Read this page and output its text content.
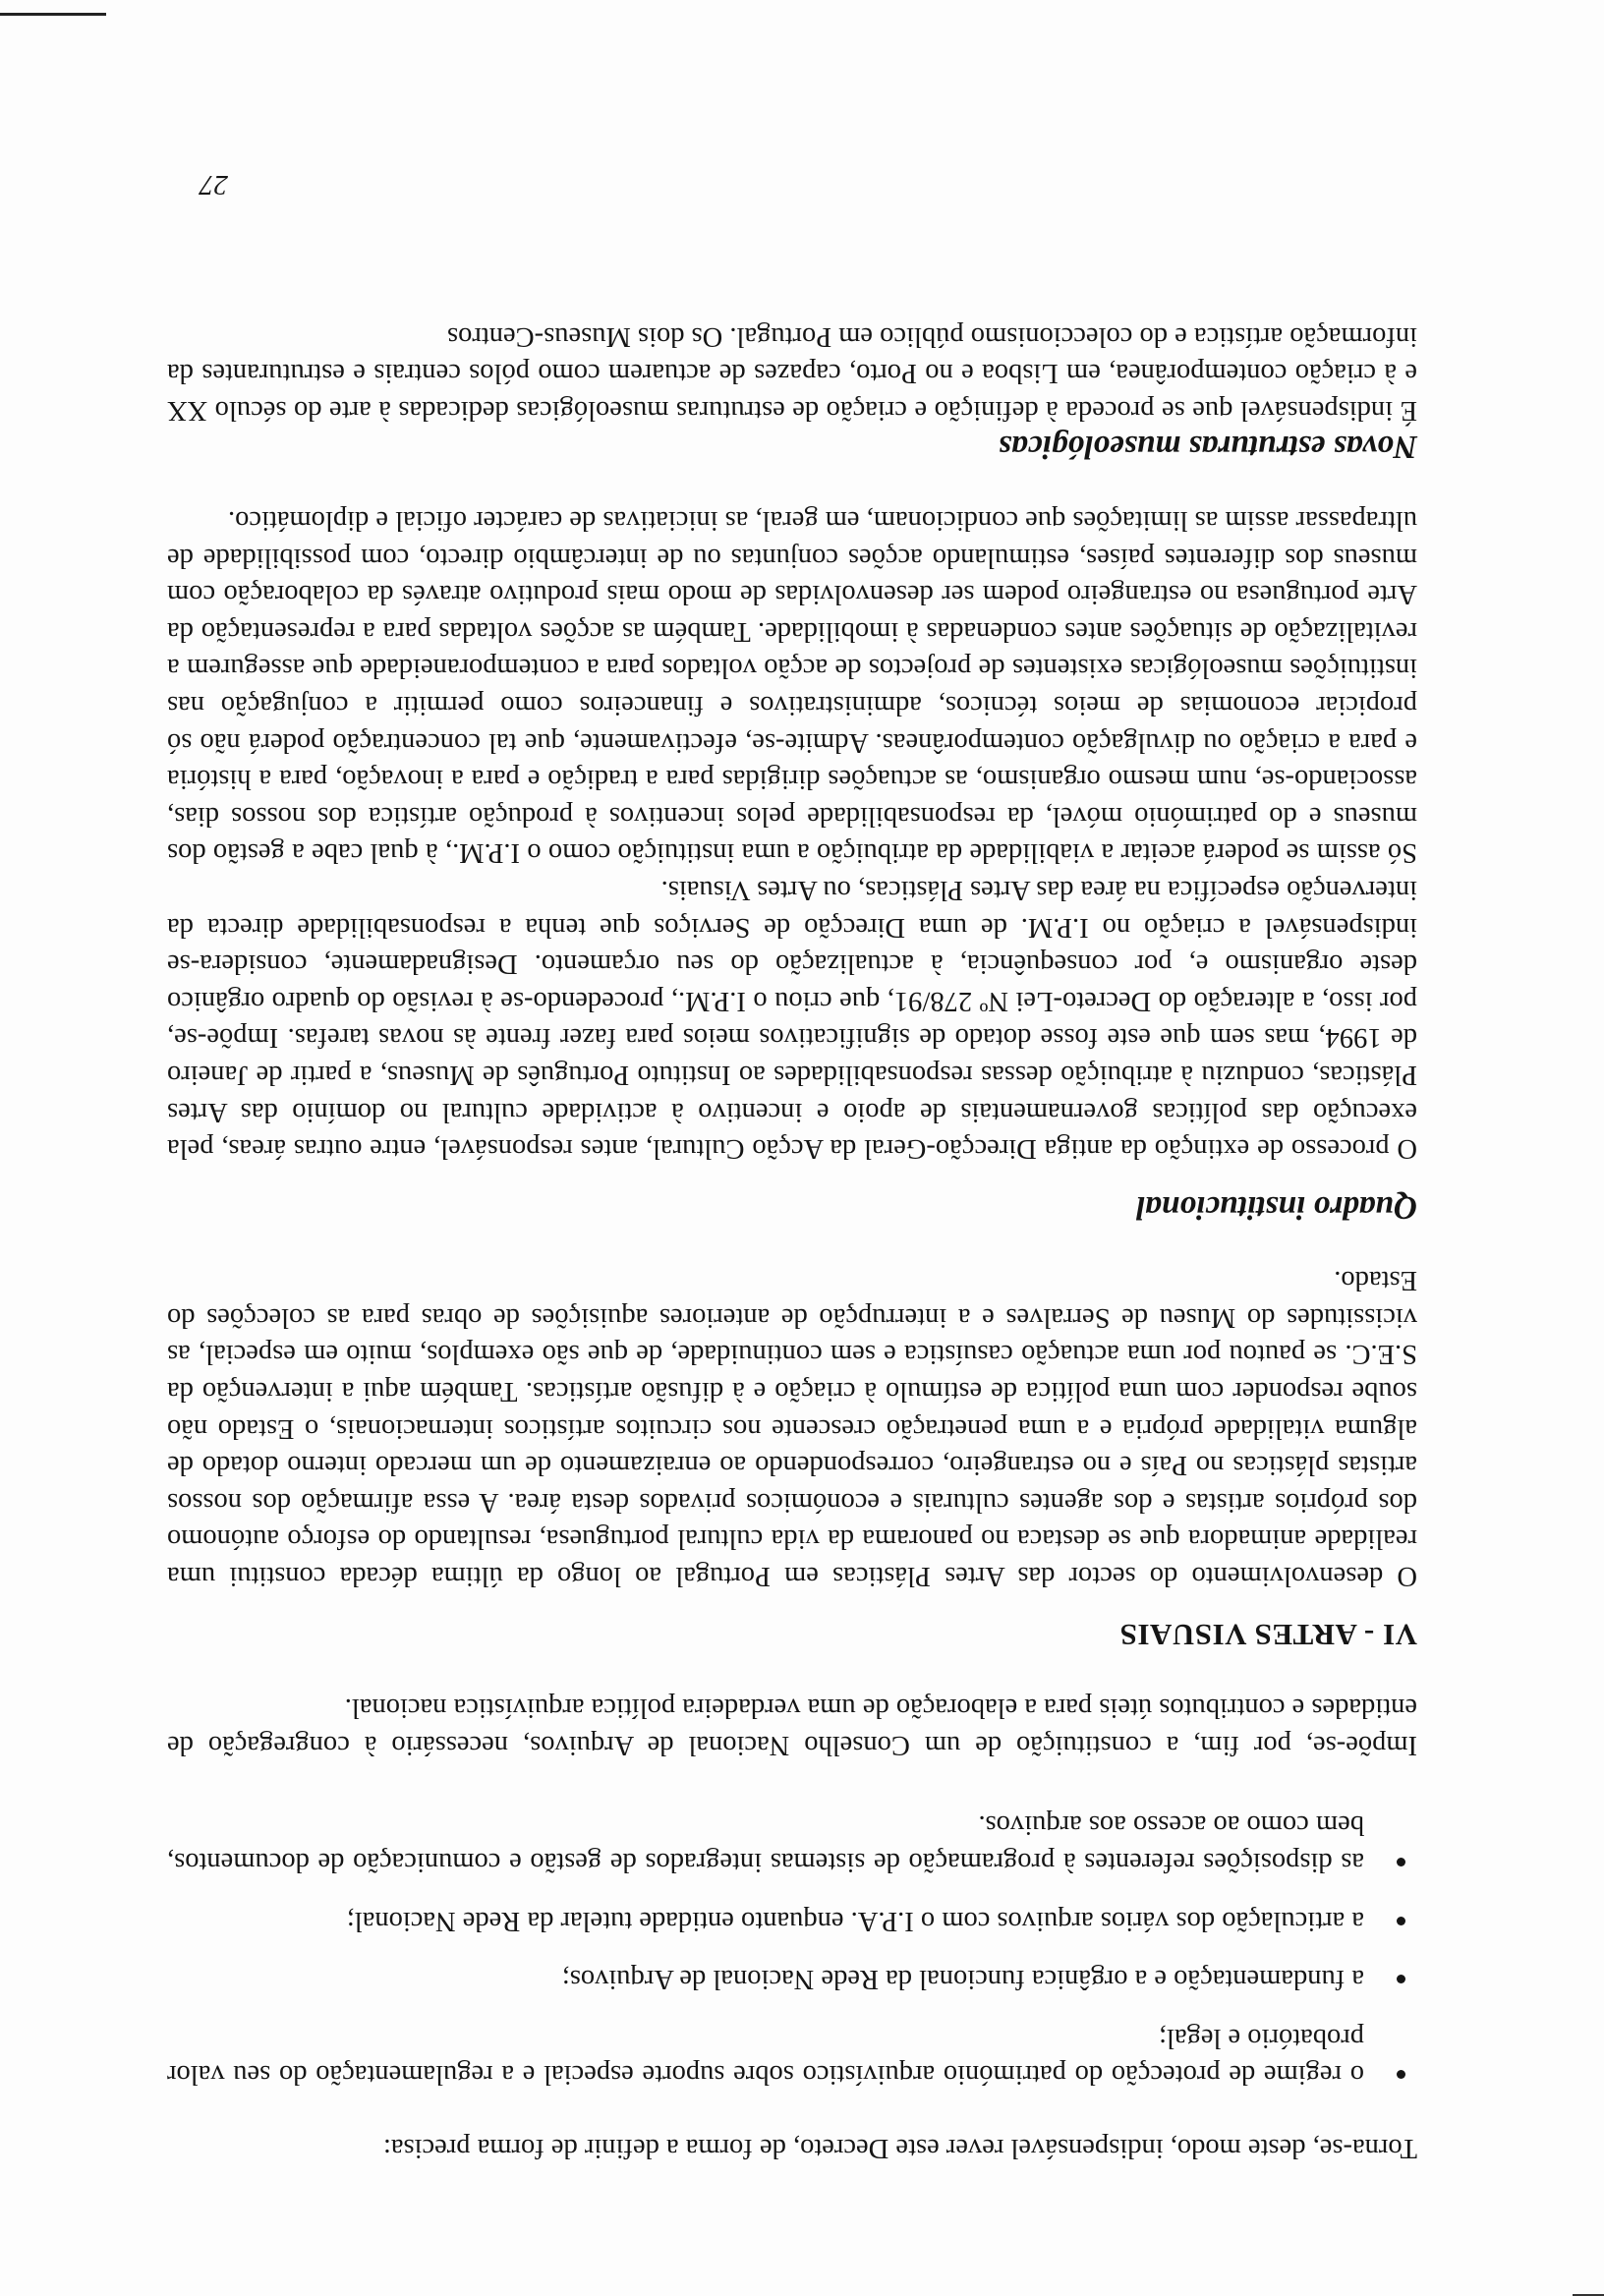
Torna-se, deste modo, indispensável rever este Decreto, de forma a definir de forma precisa:

o regime de protecção do património arquivístico sobre suporte especial e a regulamentação do seu valor probatório e legal;
a fundamentação e a orgânica funcional da Rede Nacional de Arquivos;
a articulação dos vários arquivos com o I.P.A. enquanto entidade tutelar da Rede Nacional;
as disposições referentes à programação de sistemas integrados de gestão e comunicação de documentos, bem como ao acesso aos arquivos.

Impõe-se, por fim, a constituição de um Conselho Nacional de Arquivos, necessário à congregação de entidades e contributos úteis para a elaboração de uma verdadeira política arquivística nacional.

VI - ARTES VISUAIS

O desenvolvimento do sector das Artes Plásticas em Portugal ao longo da última década constitui uma realidade animadora que se destaca no panorama da vida cultural portuguesa, resultando do esforço autónomo dos próprios artistas e dos agentes culturais e económicos privados desta área. A essa afirmação dos nossos artistas plásticas no País e no estrangeiro, correspondendo ao enraizamento de um mercado interno dotado de alguma vitalidade própria e a uma penetração crescente nos circuitos artísticos internacionais, o Estado não soube responder com uma política de estímulo à criação e à difusão artísticas. Também aqui a intervenção da S.E.C. se pautou por uma actuação casuística e sem continuidade, de que são exemplos, muito em especial, as vicissitudes do Museu de Serralves e a interrupção de anteriores aquisições de obras para as colecções do Estado.

Quadro institucional

O processo de extinção da antiga Direcção-Geral da Acção Cultural, antes responsável, entre outras áreas, pela execução das políticas governamentais de apoio e incentivo à actividade cultural no domínio das Artes Plásticas, conduziu à atribuição dessas responsabilidades ao Instituto Português de Museus, a partir de Janeiro de 1994, mas sem que este fosse dotado de significativos meios para fazer frente às novas tarefas. Impõe-se, por isso, a alteração do Decreto-Lei Nº 278/91, que criou o I.P.M., procedendo-se à revisão do quadro orgânico deste organismo e, por consequência, à actualização do seu orçamento. Designadamente, considera-se indispensável a criação no I.P.M. de uma Direcção de Serviços que tenha a responsabilidade directa da intervenção específica na área das Artes Plásticas, ou Artes Visuais.

Só assim se poderá aceitar a viabilidade da atribuição a uma instituição como o I.P.M., à qual cabe a gestão dos museus e do património móvel, da responsabilidade pelos incentivos à produção artística dos nossos dias, associando-se, num mesmo organismo, as actuações dirigidas para a tradição e para a inovação, para a história e para a criação ou divulgação contemporâneas. Admite-se, efectivamente, que tal concentração poderá não só propiciar economias de meios técnicos, administrativos e financeiros como permitir a conjugação nas instituições museológicas existentes de projectos de acção voltados para a contemporaneidade que assegurem a revitalização de situações antes condenadas à imobilidade. Também as acções voltadas para a representação da Arte portuguesa no estrangeiro podem ser desenvolvidas de modo mais produtivo através da colaboração com museus dos diferentes países, estimulando acções conjuntas ou de intercâmbio directo, com possibilidade de ultrapassar assim as limitações que condicionam, em geral, as iniciativas de carácter oficial e diplomático.

Novas estruturas museológicas

É indispensável que se proceda à definição e criação de estruturas museológicas dedicadas à arte do século XX e à criação contemporânea, em Lisboa e no Porto, capazes de actuarem como pólos centrais e estruturantes da informação artística e do coleccionismo público em Portugal. Os dois Museus-Centros

27
